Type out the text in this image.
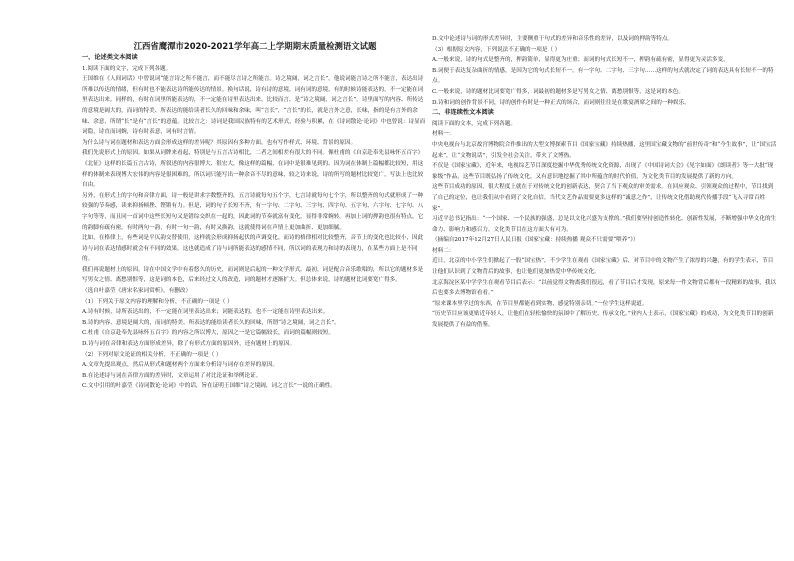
江西省鹰潭市2020-2021学年高二上学期期末质量检测语文试题
一、论述类文本阅读

1.阅读下面的文字，完成下列各题。

王国维在《人间词话》中曾说词“能言诗之所不能言，而不能尽言诗之所能言。诗之境阔，词之言长”。他说词能言诗之所不能言，表达出诗所难以传达的情绪，但有时也不能表达诗所能传达的情景。换句话说，诗有诗的意境，词有词的意境，有的时候诗能表达的，不一定能在词里表达出来。同样的，有时在词里所能表达的，不一定能在诗里表达出来。比较而言，是“诗之境阔，词之言长”。诗里面写的内容、所传达的意境是阔大的，而词的特美、所表达的能给读者长久的回味和余味，叫“言长”，“言长”的长，就是言外之意，长味，指的是有言外的余味、余意，所谓“长”是有“言长”的意蕴。比较言之：诗词是我国民族特有的艺术形式，经验与积累，在《诗词散论·论词》中也曾说：诗显而词隐，诗直而词婉，诗有时表意，词有时言情。

为什么诗与词在题材和表达方面会形成这样的差异呢？其原因有多种方面，也有写作样式、环境、背景的原因。

我们先说形式上的原因。如果从词牌来看起，特别是与五言古诗相比，二者之间相差有很大的不同。像杜甫的《自京赴奉先县咏怀五百字》《北征》这样的长篇五言古诗，所叙述的内容很博大、很宏大，像这样的篇幅，在词中是很难见到的。因为词在体制上篇幅都比较短，用这样的体制来表现博大宏伟的内容是很困难的，所以词只能写出一种余音不尽的意味，较之诗来说，诗的所写的题材比较宽广，写法上也比较自由。

另外，在形式上的字句和音律方面，诗一般是讲求字数整齐的，五言诗就每句五个字，七言诗就每句七个字，所以整齐的句式就形成了一种较强的节奏感，读来抑扬顿挫、铿锵有力。但是，词的句子长短不齐，有一字句、二字句、三字句、四字句、五字句、六字句、七字句、八字句等等，而且同一首词中这些长短句又是错综交织在一起的，因此词的节奏就富有变化，显得非常婉转。再加上词的押韵也很有特点，它的韵脚有疏有密，有时两句一韵，有时一句一韵，有时又换韵，这就使得词在声情上更加曲折、更加细腻。

比如，在格律上，有些词是平仄韵交替使用，这样就会形成抑扬起伏的声调变化。而诗的格律相对比较整齐，音节上的变化也比较小，因此诗与词在表达情感时就会有不同的效果。这也就造成了诗与词所能表达的感情不同，所以词的表现力和诗的表现力，在某些方面上是不同的。

我们再说题材上的原因。诗在中国文学中有着悠久的历史，而词则是后起的一种文学形式。最初，词是配合音乐歌唱的，所以它的题材多是写男女之情、离愁别恨等，这是词的本色，后来经过文人的改造，词的题材才逐渐扩大。但总体来说，诗的题材比词要宽广得多。

（选自叶嘉莹《唐宋名家词赏析》，有删改）

（1）下列关于原文内容的理解和分析，不正确的一项是（ ）

A.诗有时候，诗所表达出的，不一定能在词里表达出来；词能表达的，也不一定能在诗里表达出来。

B.诗的内容、意境是阔大的，而词的特美、所表达的能给读者长久的回味，所谓“诗之境阔，词之言长”。

C.杜甫《自京赴奉先县咏怀五百字》的内容之所以博大，原因之一是它篇幅较长，而词的篇幅则较短。

D.诗与词在音律和表达方面形成差异，除了有形式方面的原因外，还有题材上的原因。

（2）下列对原文论证的相关分析，不正确的一项是（ ）

A.文章先提出观点，然后从形式和题材两个方面来分析诗与词存在差异的原因。

B.在论述诗与词在音律方面的差异时，文章运用了对比论证和举例论证。

C.文中引用的叶嘉莹《诗词散论·论词》中的话，旨在证明王国维“诗之境阔，词之言长”一说的正确性。

D.文中论述诗与词的形式差异时，主要侧重于句式的差异和音乐性的差异，以及词的押韵等特点。

（3）根据原文内容，下列说法不正确的一项是（ ）

A.一般来说，诗的句式是整齐的，押韵简单，显得更为庄重；而词的句式长短不一，押韵有疏有密，显得更为灵活多变。

B.词便于表达复杂曲折的情感，是因为它的句式长短不一，有一字句、二字句、三字句……这样的句式就决定了词的表达具有长短不一的特点。

C.一般来说，诗的题材比词要宽广得多，词最初的题材多是写男女之情、离愁别恨等，这是词的本色。

D.诗和词的创作背景不同，诗的创作有时是一种正式的场合，而词则往往是在歌宴酒席之间的一种娱乐。

二、非连续性文本阅读

阅读下面的文本，完成下列各题。

材料一：

中央电视台与北京故宫博物院合作推出的大型文博探索节目《国家宝藏》持续热播，这里国宝藏文物的“前世传奇”和“今生故事”，让“国宝活起来”，让“文物说话”，引发全社会关注，带火了文博热。

不仅是《国家宝藏》，近年来，电视综艺节目深度挖掘中华优秀传统文化资源，出现了《中国诗词大会》《见字如面》《朗读者》等一大批“现象级”作品，这些节目既弘扬了传统文化，又有意识地挖掘了其中所蕴含的时代价值，为文化类节目的发展提供了新的方向。

这些节目成功的原因，很大程度上就在于对传统文化的创新表达，契合了当下观众的审美需求。在回应观众、引领观众的过程中，节目找到了自己的定位，也让我们从中看到了文化自信。当代文艺作品需要更多这样的“诚意之作”，让传统文化借助现代传播手段“飞入寻常百姓家”。

习近平总书记指出：“一个国家、一个民族的强盛，总是以文化兴盛为支撑的。”我们要坚持创造性转化、创新性发展，不断增强中华文化的生命力、影响力和感召力。文化类节目在这方面大有可为。

（摘编自2017年12月27日人民日报《国家宝藏：持续热播 观众不只需要“喂养”》）

材料二：

近日，北京的中小学生们掀起了一股“国宝热”，不少学生在观看《国家宝藏》后，对节目中的文物产生了浓厚的兴趣，有的学生表示，节目让他们认识到了文物背后的故事，也让他们更加热爱中华传统文化。

北京海淀区某中学学生在观看节目后表示：“以前觉得文物离我们很远，看了节目后才发现，原来每一件文物背后都有一段精彩的故事，我以后也要多去博物馆看看。”

“原来课本里学过的东西，在节目里都能看到实物，感觉特别亲切。”一位学生这样说道。

“历史节目应该更贴近年轻人，让他们在轻松愉快的氛围中了解历史、传承文化。”业内人士表示，《国家宝藏》的成功，为文化类节目的创新发展提供了有益的借鉴。
